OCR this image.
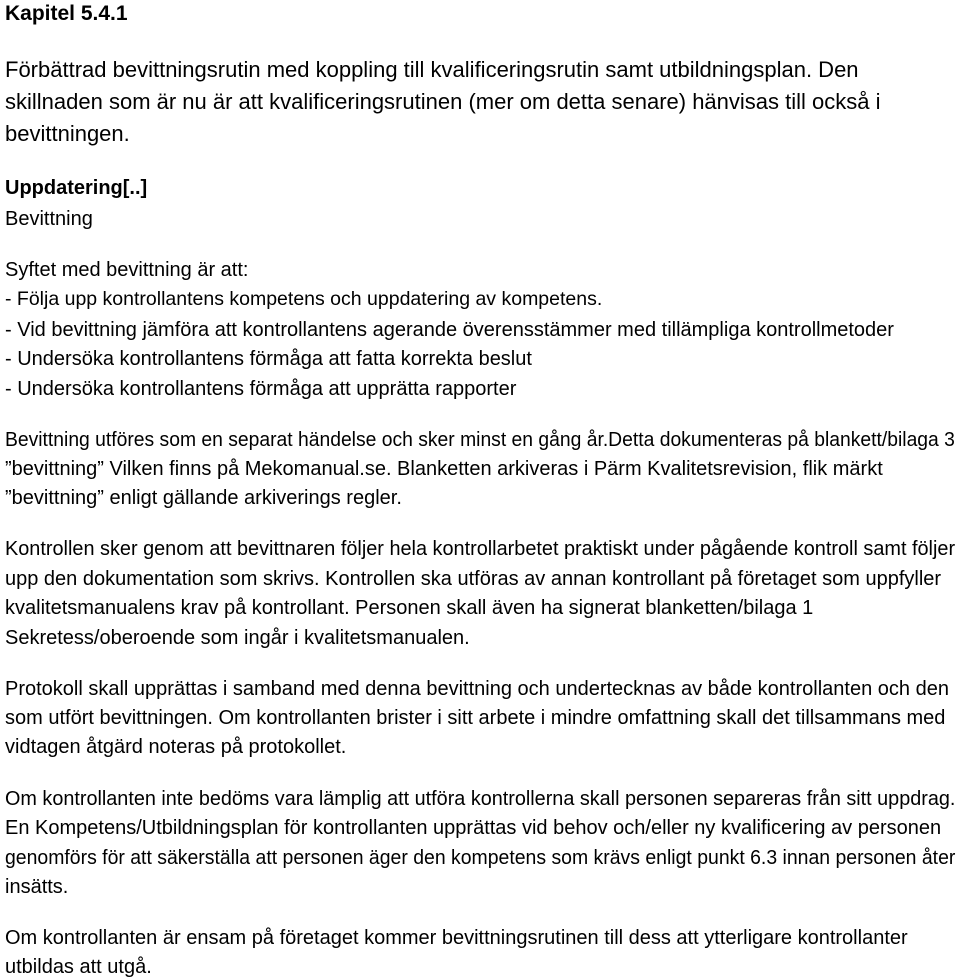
Kapitel 5.4.1
Förbättrad bevittningsrutin med koppling till kvalificeringsrutin samt utbildningsplan. Den
skillnaden som är nu är att kvalificeringsrutinen (mer om detta senare) hänvisas till också i
bevittningen.
Uppdatering[..]
Bevittning
Syftet med bevittning är att:
- Följa upp kontrollantens kompetens och uppdatering av kompetens.
- Vid bevittning jämföra att kontrollantens agerande överensstämmer med tillämpliga kontrollmetoder
- Undersöka kontrollantens förmåga att fatta korrekta beslut
- Undersöka kontrollantens förmåga att upprätta rapporter
Bevittning utföres som en separat händelse och sker minst en gång år.Detta dokumenteras på blankett/bilaga 3
”bevittning” Vilken finns på Mekomanual.se. Blanketten arkiveras i Pärm Kvalitetsrevision, flik märkt
”bevittning” enligt gällande arkiverings regler.
Kontrollen sker genom att bevittnaren följer hela kontrollarbetet praktiskt under pågående kontroll samt följer
upp den dokumentation som skrivs. Kontrollen ska utföras av annan kontrollant på företaget som uppfyller
kvalitetsmanualens krav på kontrollant. Personen skall även ha signerat blanketten/bilaga 1
Sekretess/oberoende som ingår i kvalitetsmanualen.
Protokoll skall upprättas i samband med denna bevittning och undertecknas av både kontrollanten och den
som utfört bevittningen. Om kontrollanten brister i sitt arbete i mindre omfattning skall det tillsammans med
vidtagen åtgärd noteras på protokollet.
Om kontrollanten inte bedöms vara lämplig att utföra kontrollerna skall personen separeras från sitt uppdrag.
En Kompetens/Utbildningsplan för kontrollanten upprättas vid behov och/eller ny kvalificering av personen
genomförs för att säkerställa att personen äger den kompetens som krävs enligt punkt 6.3 innan personen åter
insätts.
Om kontrollanten är ensam på företaget kommer bevittningsrutinen till dess att ytterligare kontrollanter
utbildas att utgå.
